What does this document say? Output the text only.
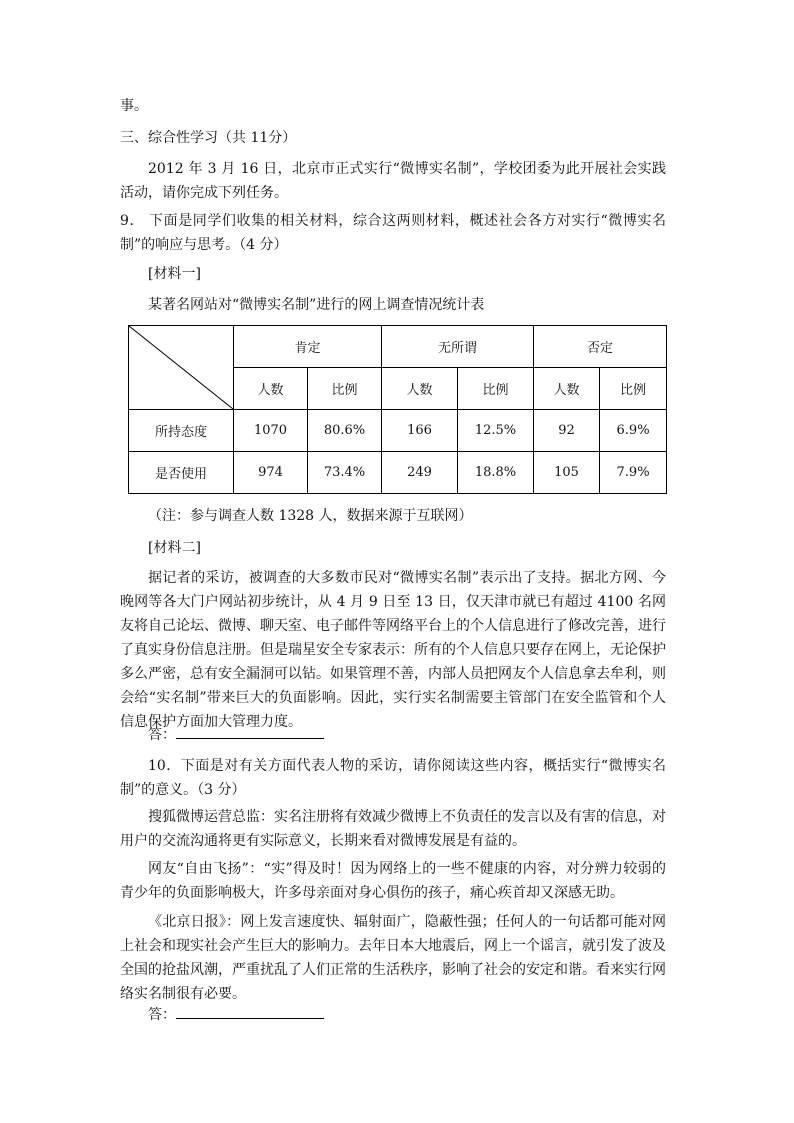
事。
三、综合性学习（共 11分）
2012 年 3 月 16 日，北京市正式实行“微博实名制”，学校团委为此开展社会实践活动，请你完成下列任务。
9． 下面是同学们收集的相关材料，综合这两则材料，概述社会各方对实行“微博实名制”的响应与思考。（4 分）
[材料一]
某著名网站对“微博实名制”进行的网上调查情况统计表
	肯定		无所谓		否定	
	人数	比例	人数	比例	人数	比例
所持态度	1070	80.6%	166	12.5%	92	6.9%
是否使用	974	73.4%	249	18.8%	105	7.9%
（注：参与调查人数 1328 人，数据来源于互联网）
[材料二]
据记者的采访，被调查的大多数市民对“微博实名制”表示出了支持。据北方网、今晚网等各大门户网站初步统计，从 4 月 9 日至 13 日，仅天津市就已有超过 4100 名网友将自己论坛、微博、聊天室、电子邮件等网络平台上的个人信息进行了修改完善，进行了真实身份信息注册。但是瑞星安全专家表示：所有的个人信息只要存在网上，无论保护多么严密，总有安全漏洞可以钻。如果管理不善，内部人员把网友个人信息拿去牟利，则会给“实名制”带来巨大的负面影响。因此，实行实名制需要主管部门在安全监管和个人信息保护方面加大管理力度。
答：
10．下面是对有关方面代表人物的采访，请你阅读这些内容，概括实行“微博实名制”的意义。（3 分）
搜狐微博运营总监：实名注册将有效减少微博上不负责任的发言以及有害的信息，对用户的交流沟通将更有实际意义，长期来看对微博发展是有益的。
网友“自由飞扬”：“实”得及时！因为网络上的一些不健康的内容，对分辨力较弱的青少年的负面影响极大，许多母亲面对身心俱伤的孩子，痛心疾首却又深感无助。
《北京日报》：网上发言速度快、辐射面广，隐蔽性强；任何人的一句话都可能对网上社会和现实社会产生巨大的影响力。去年日本大地震后，网上一个谣言，就引发了波及全国的抢盐风潮，严重扰乱了人们正常的生活秩序，影响了社会的安定和谐。看来实行网络实名制很有必要。
答：
